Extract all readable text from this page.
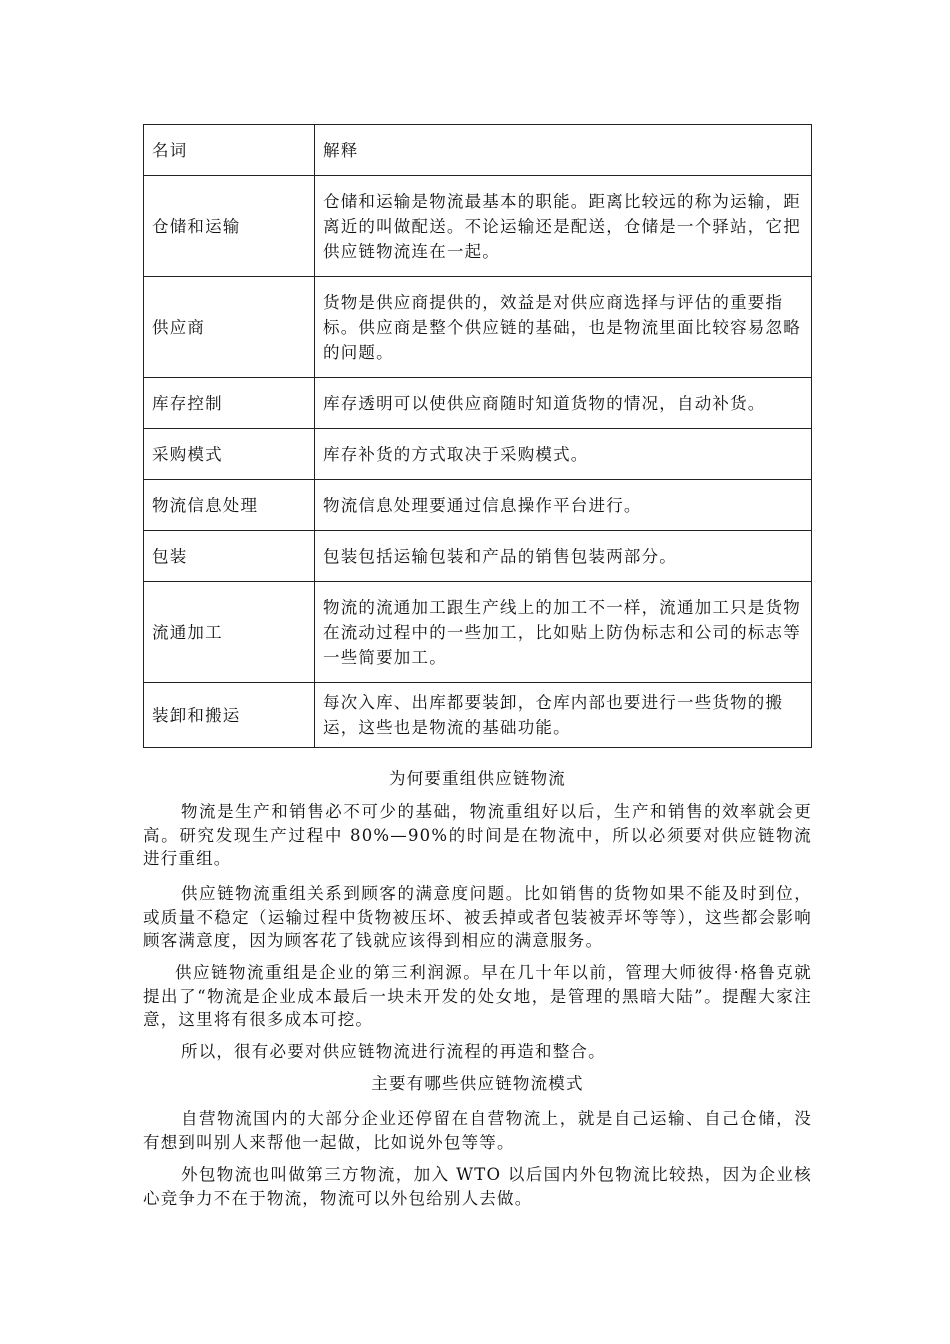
名词	解释
仓储和运输	仓储和运输是物流最基本的职能。距离比较远的称为运输，距离近的叫做配送。不论运输还是配送，仓储是一个驿站，它把供应链物流连在一起。
供应商	货物是供应商提供的，效益是对供应商选择与评估的重要指标。供应商是整个供应链的基础，也是物流里面比较容易忽略的问题。
库存控制	库存透明可以使供应商随时知道货物的情况，自动补货。
采购模式	库存补货的方式取决于采购模式。
物流信息处理	物流信息处理要通过信息操作平台进行。
包装	包装包括运输包装和产品的销售包装两部分。
流通加工	物流的流通加工跟生产线上的加工不一样，流通加工只是货物在流动过程中的一些加工，比如贴上防伪标志和公司的标志等一些简要加工。
装卸和搬运	每次入库、出库都要装卸，仓库内部也要进行一些货物的搬运，这些也是物流的基础功能。
为何要重组供应链物流

物流是生产和销售必不可少的基础，物流重组好以后，生产和销售的效率就会更高。研究发现生产过程中 80%—90%的时间是在物流中，所以必须要对供应链物流进行重组。

供应链物流重组关系到顾客的满意度问题。比如销售的货物如果不能及时到位，或质量不稳定（运输过程中货物被压坏、被丢掉或者包装被弄坏等等），这些都会影响顾客满意度，因为顾客花了钱就应该得到相应的满意服务。

供应链物流重组是企业的第三利润源。早在几十年以前，管理大师彼得·格鲁克就提出了“物流是企业成本最后一块未开发的处女地，是管理的黑暗大陆”。提醒大家注意，这里将有很多成本可挖。

所以，很有必要对供应链物流进行流程的再造和整合。

主要有哪些供应链物流模式

自营物流国内的大部分企业还停留在自营物流上，就是自己运输、自己仓储，没有想到叫别人来帮他一起做，比如说外包等等。

外包物流也叫做第三方物流，加入 WTO 以后国内外包物流比较热，因为企业核心竞争力不在于物流，物流可以外包给别人去做。
